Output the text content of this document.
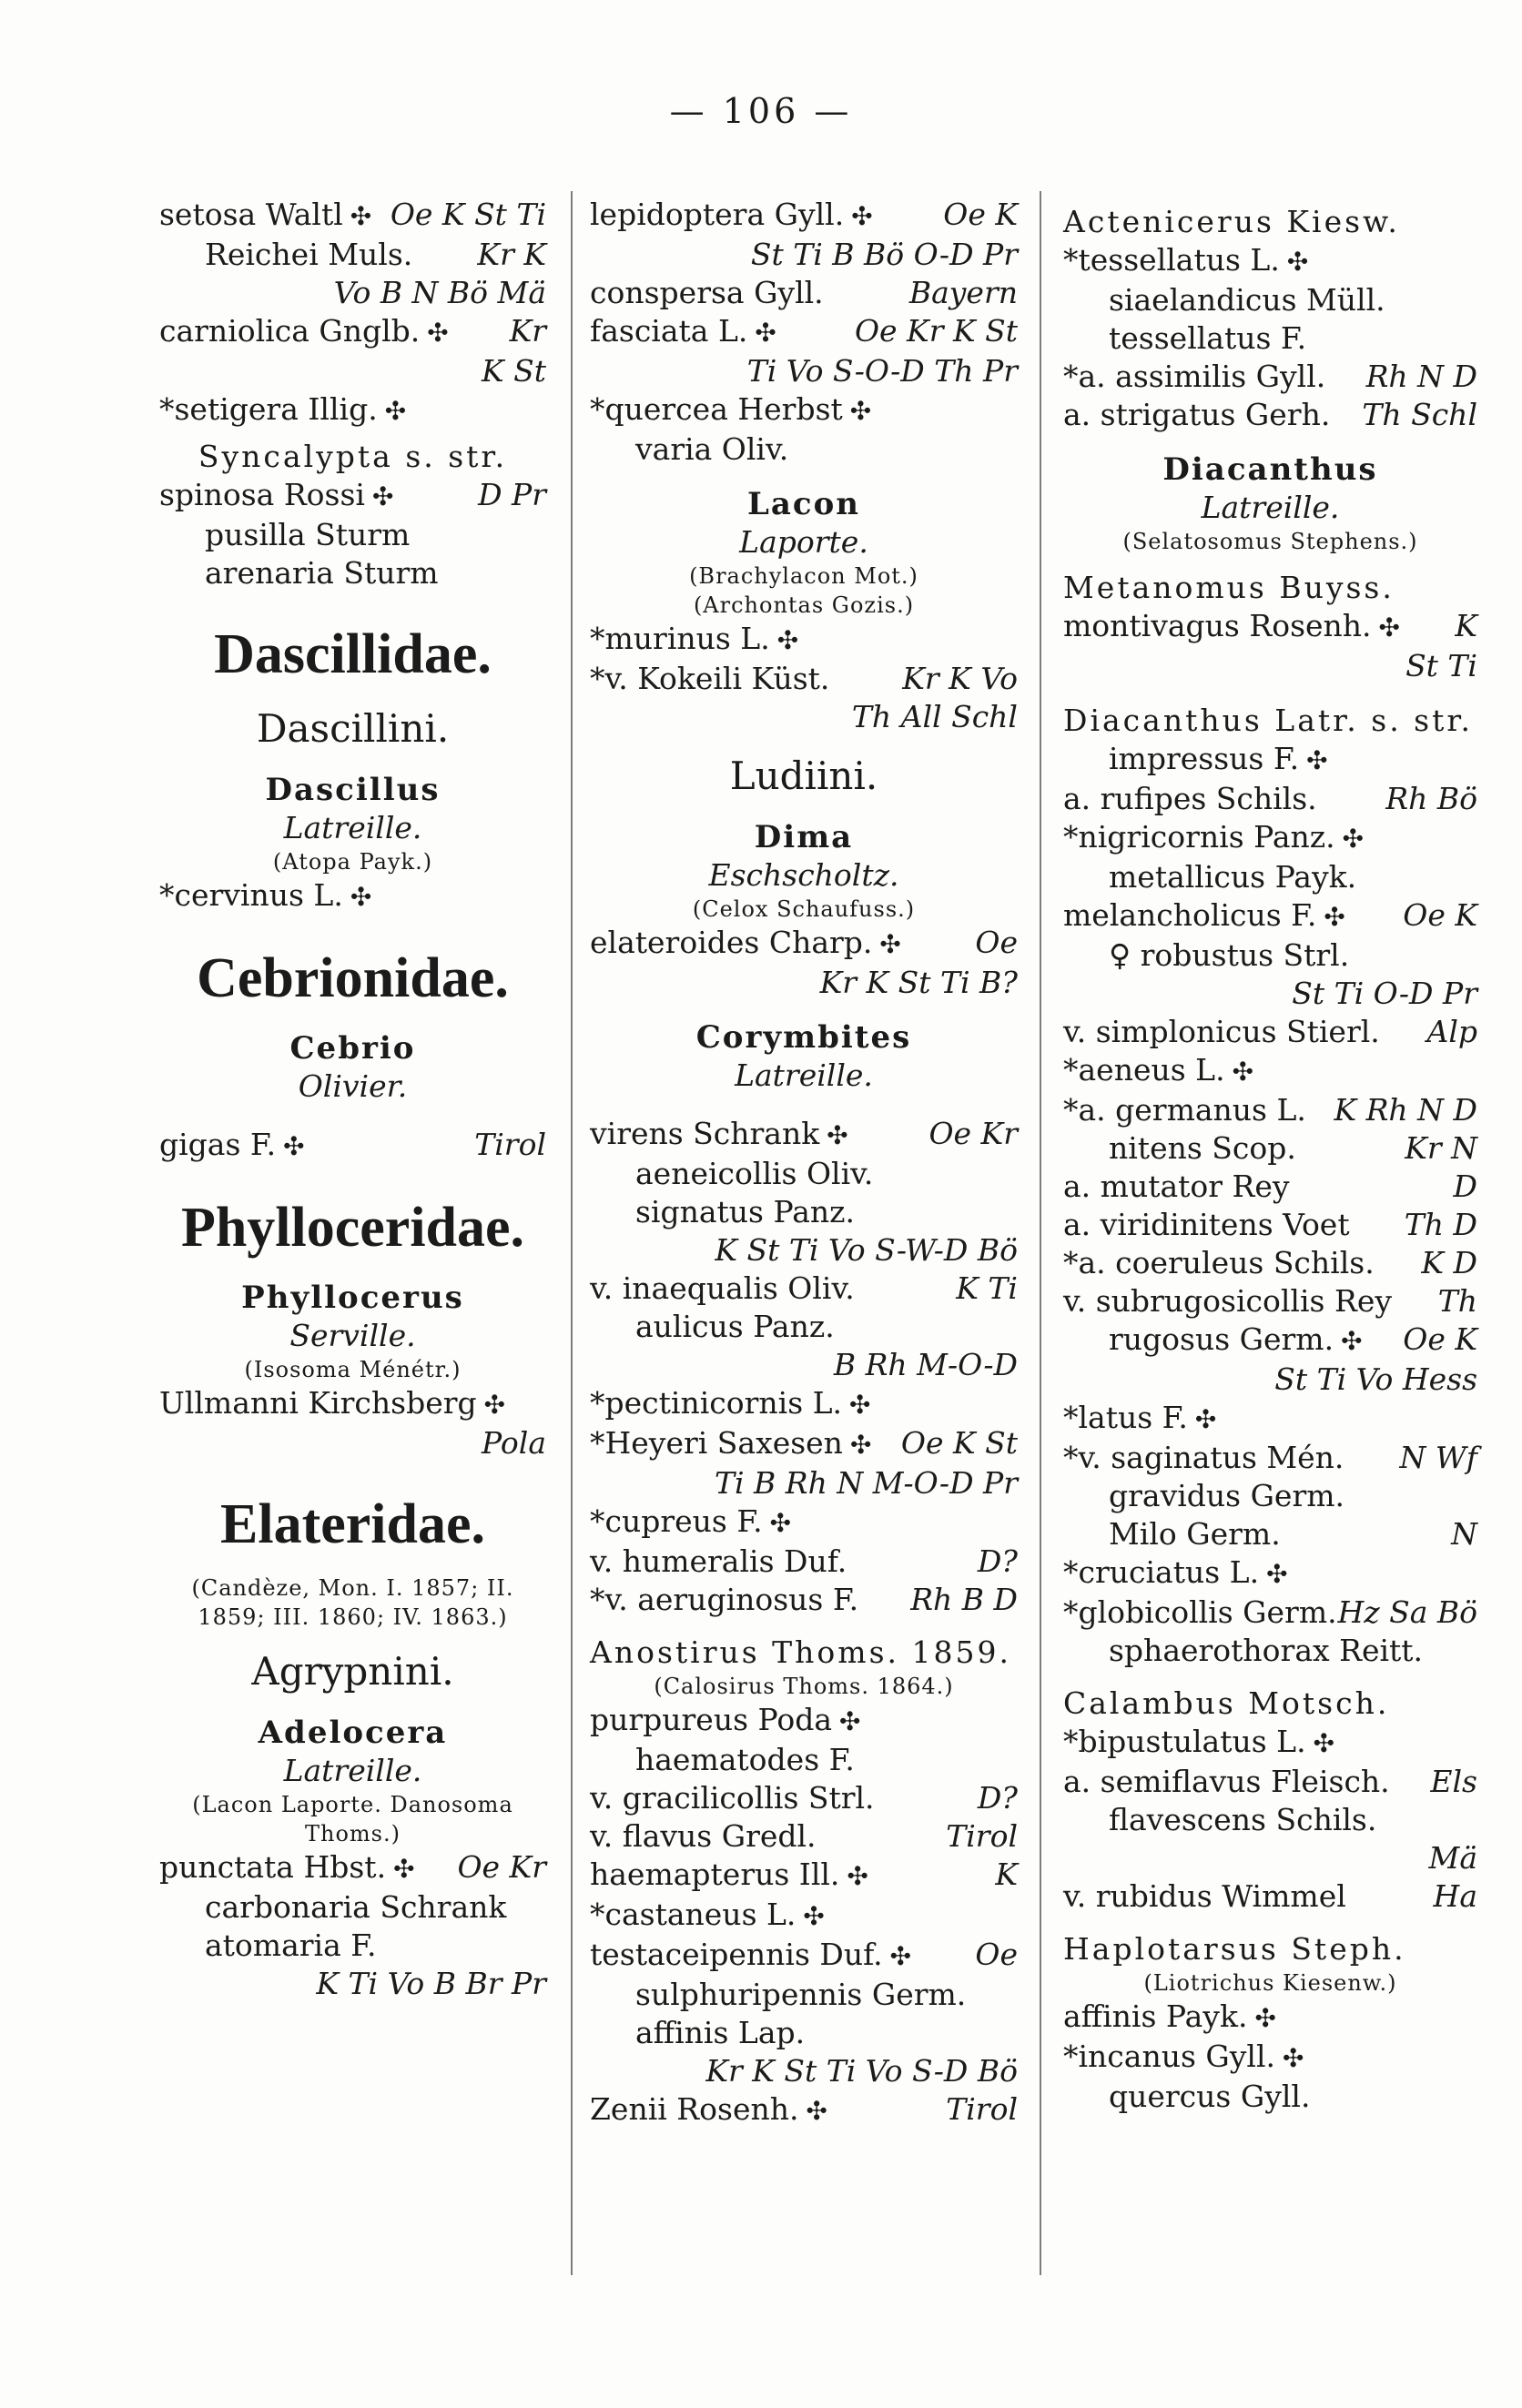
— 106 —
setosa Waltl ✣ Oe K St Ti
Reichei Muls. Kr K
Vo B N Bö Mä
carniolica Gnglb. ✣ Kr
K St
*setigera Illig. ✣
Syncalypta s. str.
spinosa Rossi ✣	D Pr
pusilla Sturm
arenaria Sturm
Dascillidae.
Dascillini.
Dascillus
Latreille.
(Atopa Payk.)
*cervinus L. ✣
Cebrionidae.
Cebrio
Olivier.
gigas F. ✣	Tirol
Phylloceridae.
Phyllocerus
Serville.
(Isosoma Ménétr.)
Ullmanni Kirchsberg ✣
Pola
Elateridae.
(Candèze, Mon. I. 1857; II. 1859; III. 1860; IV. 1863.)
Agrypnini.
Adelocera
Latreille.
(Lacon Laporte. Danosoma Thoms.)
punctata Hbst. ✣ Oe Kr
carbonaria Schrank
atomaria F.
K Ti Vo B Br Pr
lepidoptera Gyll. ✣ Oe K
St Ti B Bö O-D Pr
conspersa Gyll.	Bayern
fasciata L. ✣	Oe Kr K St
Ti Vo S-O-D Th Pr
*quercea Herbst ✣
varia Oliv.
Lacon
Laporte.
(Brachylacon Mot.)
(Archontas Gozis.)
*murinus L. ✣
*v. Kokeili Küst. Kr K Vo
Th All Schl
Ludiini.
Dima
Eschscholtz.
(Celox Schaufuss.)
elateroides Charp. ✣ Oe
Kr K St Ti B?
Corymbites
Latreille.
virens Schrank ✣	Oe Kr
aeneicollis Oliv.
signatus Panz.
K St Ti Vo S-W-D Bö
v. inaequalis Oliv.	K Ti
aulicus Panz.
B Rh M-O-D
*pectinicornis L. ✣
*Heyeri Saxesen ✣ Oe K St
Ti B Rh N M-O-D Pr
*cupreus F. ✣
v. humeralis Duf.	D?
*v. aeruginosus F. Rh B D
Anostirus Thoms. 1859.
(Calosirus Thoms. 1864.)
purpureus Poda ✣
haematodes F.
v. gracilicollis Strl.	D?
v. flavus Gredl.	Tirol
haemapterus Ill. ✣	K
*castaneus L. ✣
testaceipennis Duf. ✣ Oe
sulphuripennis Germ.
affinis Lap.
Kr K St Ti Vo S-D Bö
Zenii Rosenh. ✣	Tirol
Actenicerus Kiesw.
*tessellatus L. ✣
siaelandicus Müll.
tessellatus F.
*a. assimilis Gyll. Rh N D
a. strigatus Gerh. Th Schl
Diacanthus
Latreille.
(Selatosomus Stephens.)
Metanomus Buyss.
montivagus Rosenh. ✣ K
St Ti
Diacanthus Latr. s. str.
impressus F. ✣
a. rufipes Schils. Rh Bö
*nigricornis Panz. ✣
metallicus Payk.
melancholicus F. ✣ Oe K
♀ robustus Strl.
St Ti O-D Pr
v. simplonicus Stierl. Alp
*aeneus L. ✣
*a. germanus L. K Rh N D
nitens Scop.	Kr N
a. mutator Rey	D
a. viridinitens Voet Th D
*a. coeruleus Schils. K D
v. subrugosicollis Rey Th
rugosus Germ. ✣ Oe K
St Ti Vo Hess
*latus F. ✣
*v. saginatus Mén. N Wf
gravidus Germ.
Milo Germ.	N
*cruciatus L. ✣
*globicollis Germ. Hz Sa Bö
sphaerothorax Reitt.
Calambus Motsch.
*bipustulatus L. ✣
a. semiflavus Fleisch. Els
flavescens Schils.
Mä
v. rubidus Wimmel	Ha
Haplotarsus Steph.
(Liotrichus Kiesenw.)
affinis Payk. ✣
*incanus Gyll. ✣
quercus Gyll.
